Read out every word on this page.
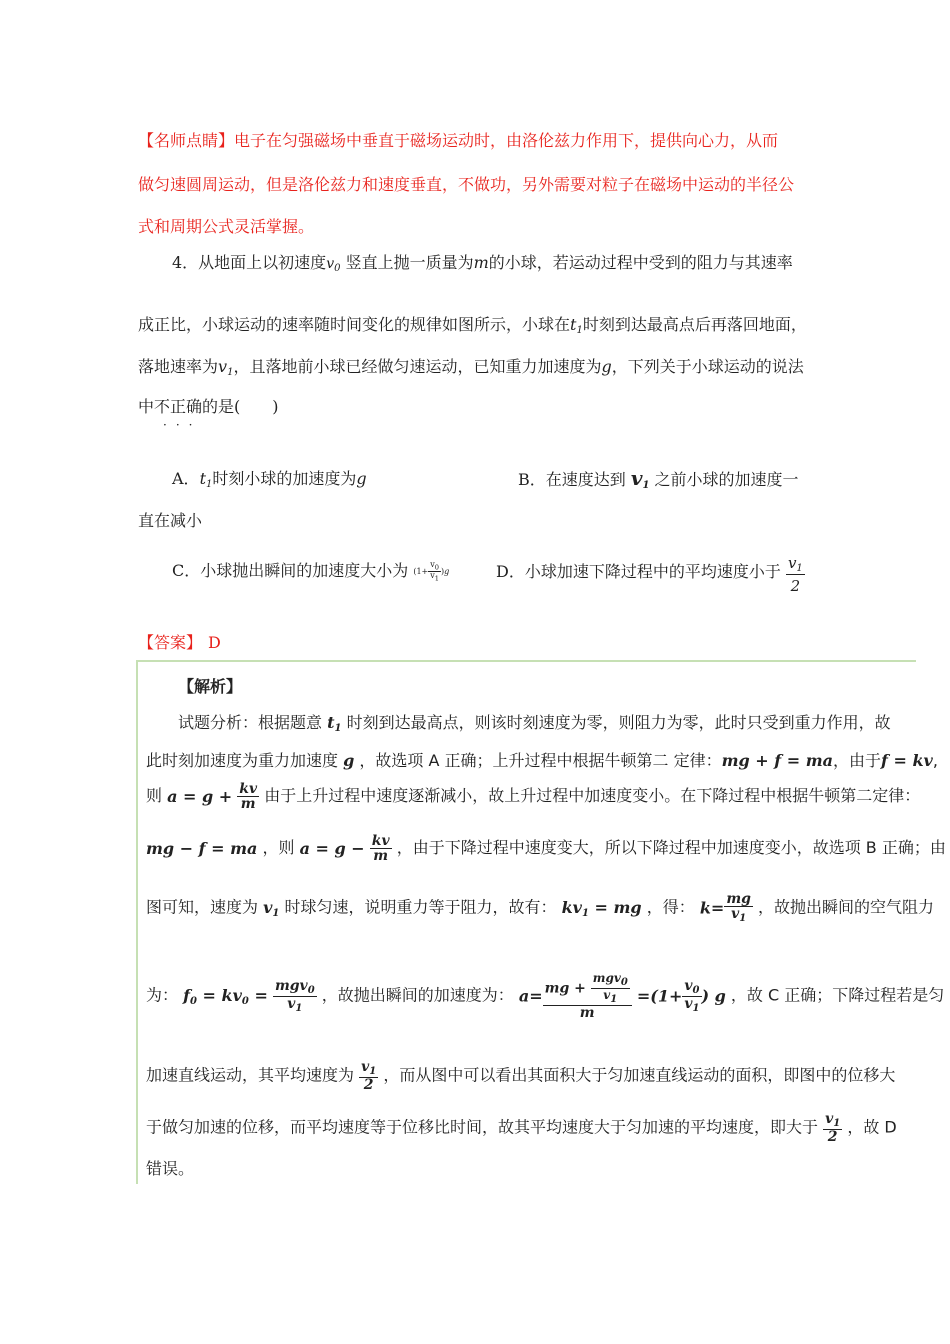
【名师点睛】电子在匀强磁场中垂直于磁场运动时，由洛伦兹力作用下，提供向心力，从而
做匀速圆周运动，但是洛伦兹力和速度垂直，不做功，另外需要对粒子在磁场中运动的半径公
式和周期公式灵活掌握。
4．从地面上以初速度$v_0$ 竖直上抛一质量为m的小球，若运动过程中受到的阻力与其速率
成正比，小球运动的速率随时间变化的规律如图所示，小球在$t_1$时刻到达最高点后再落回地面，
落地速率为$v_1$，且落地前小球已经做匀速运动，已知重力加速度为g，下列关于小球运动的说法
中不正确的是(　　)
···
A．$t_1$时刻小球的加速度为g	B．在速度达到 $v_1$ 之前小球的加速度一
直在减小
C．小球抛出瞬间的加速度大小为 $(1+ \frac{v_0}{v_1} )g$	D．小球加速下降过程中的平均速度小于 $\frac{v_1}{2}$
【答案】 D
【解析】
试题分析：根据题意 $t_1$ 时刻到达最高点，则该时刻速度为零，则阻力为零，此时只受到重力作用，故
此时刻加速度为重力加速度 g ，故选项 A 正确；上升过程中根据牛顿第二 定律：mg + f = ma，由于f = kv,
则 $a = g + \frac{kv}{m}$ 由于上升过程中速度逐渐减小，故上升过程中加速度变小。在下降过程中根据牛顿第二定律：
mg − f = ma ，则 $a = g - \frac{kv}{m}$ ，由于下降过程中速度变大，所以下降过程中加速度变小，故选项 B 正确；由
图可知，速度为 $v_1$ 时球匀速，说明重力等于阻力，故有： $kv_1$ = mg ，得： $k= \frac{mg}{v_1}$ ，故抛出瞬间的空气阻力
为： $f_0 = kv_0 = \frac{mgv_0}{v_1}$ ，故抛出瞬间的加速度为： $a= \frac{mg + \frac{mgv_0}{v_1}}{m} =(1+ \frac{v_0}{v_1}$ ) g ，故 C 正确；下降过程若是匀
加速直线运动，其平均速度为 $\frac{v_1}{2}$ ，而从图中可以看出其面积大于匀加速直线运动的面积，即图中的位移大
于做匀加速的位移，而平均速度等于位移比时间，故其平均速度大于匀加速的平均速度，即大于 $\frac{v_1}{2}$ ，故 D
错误。
